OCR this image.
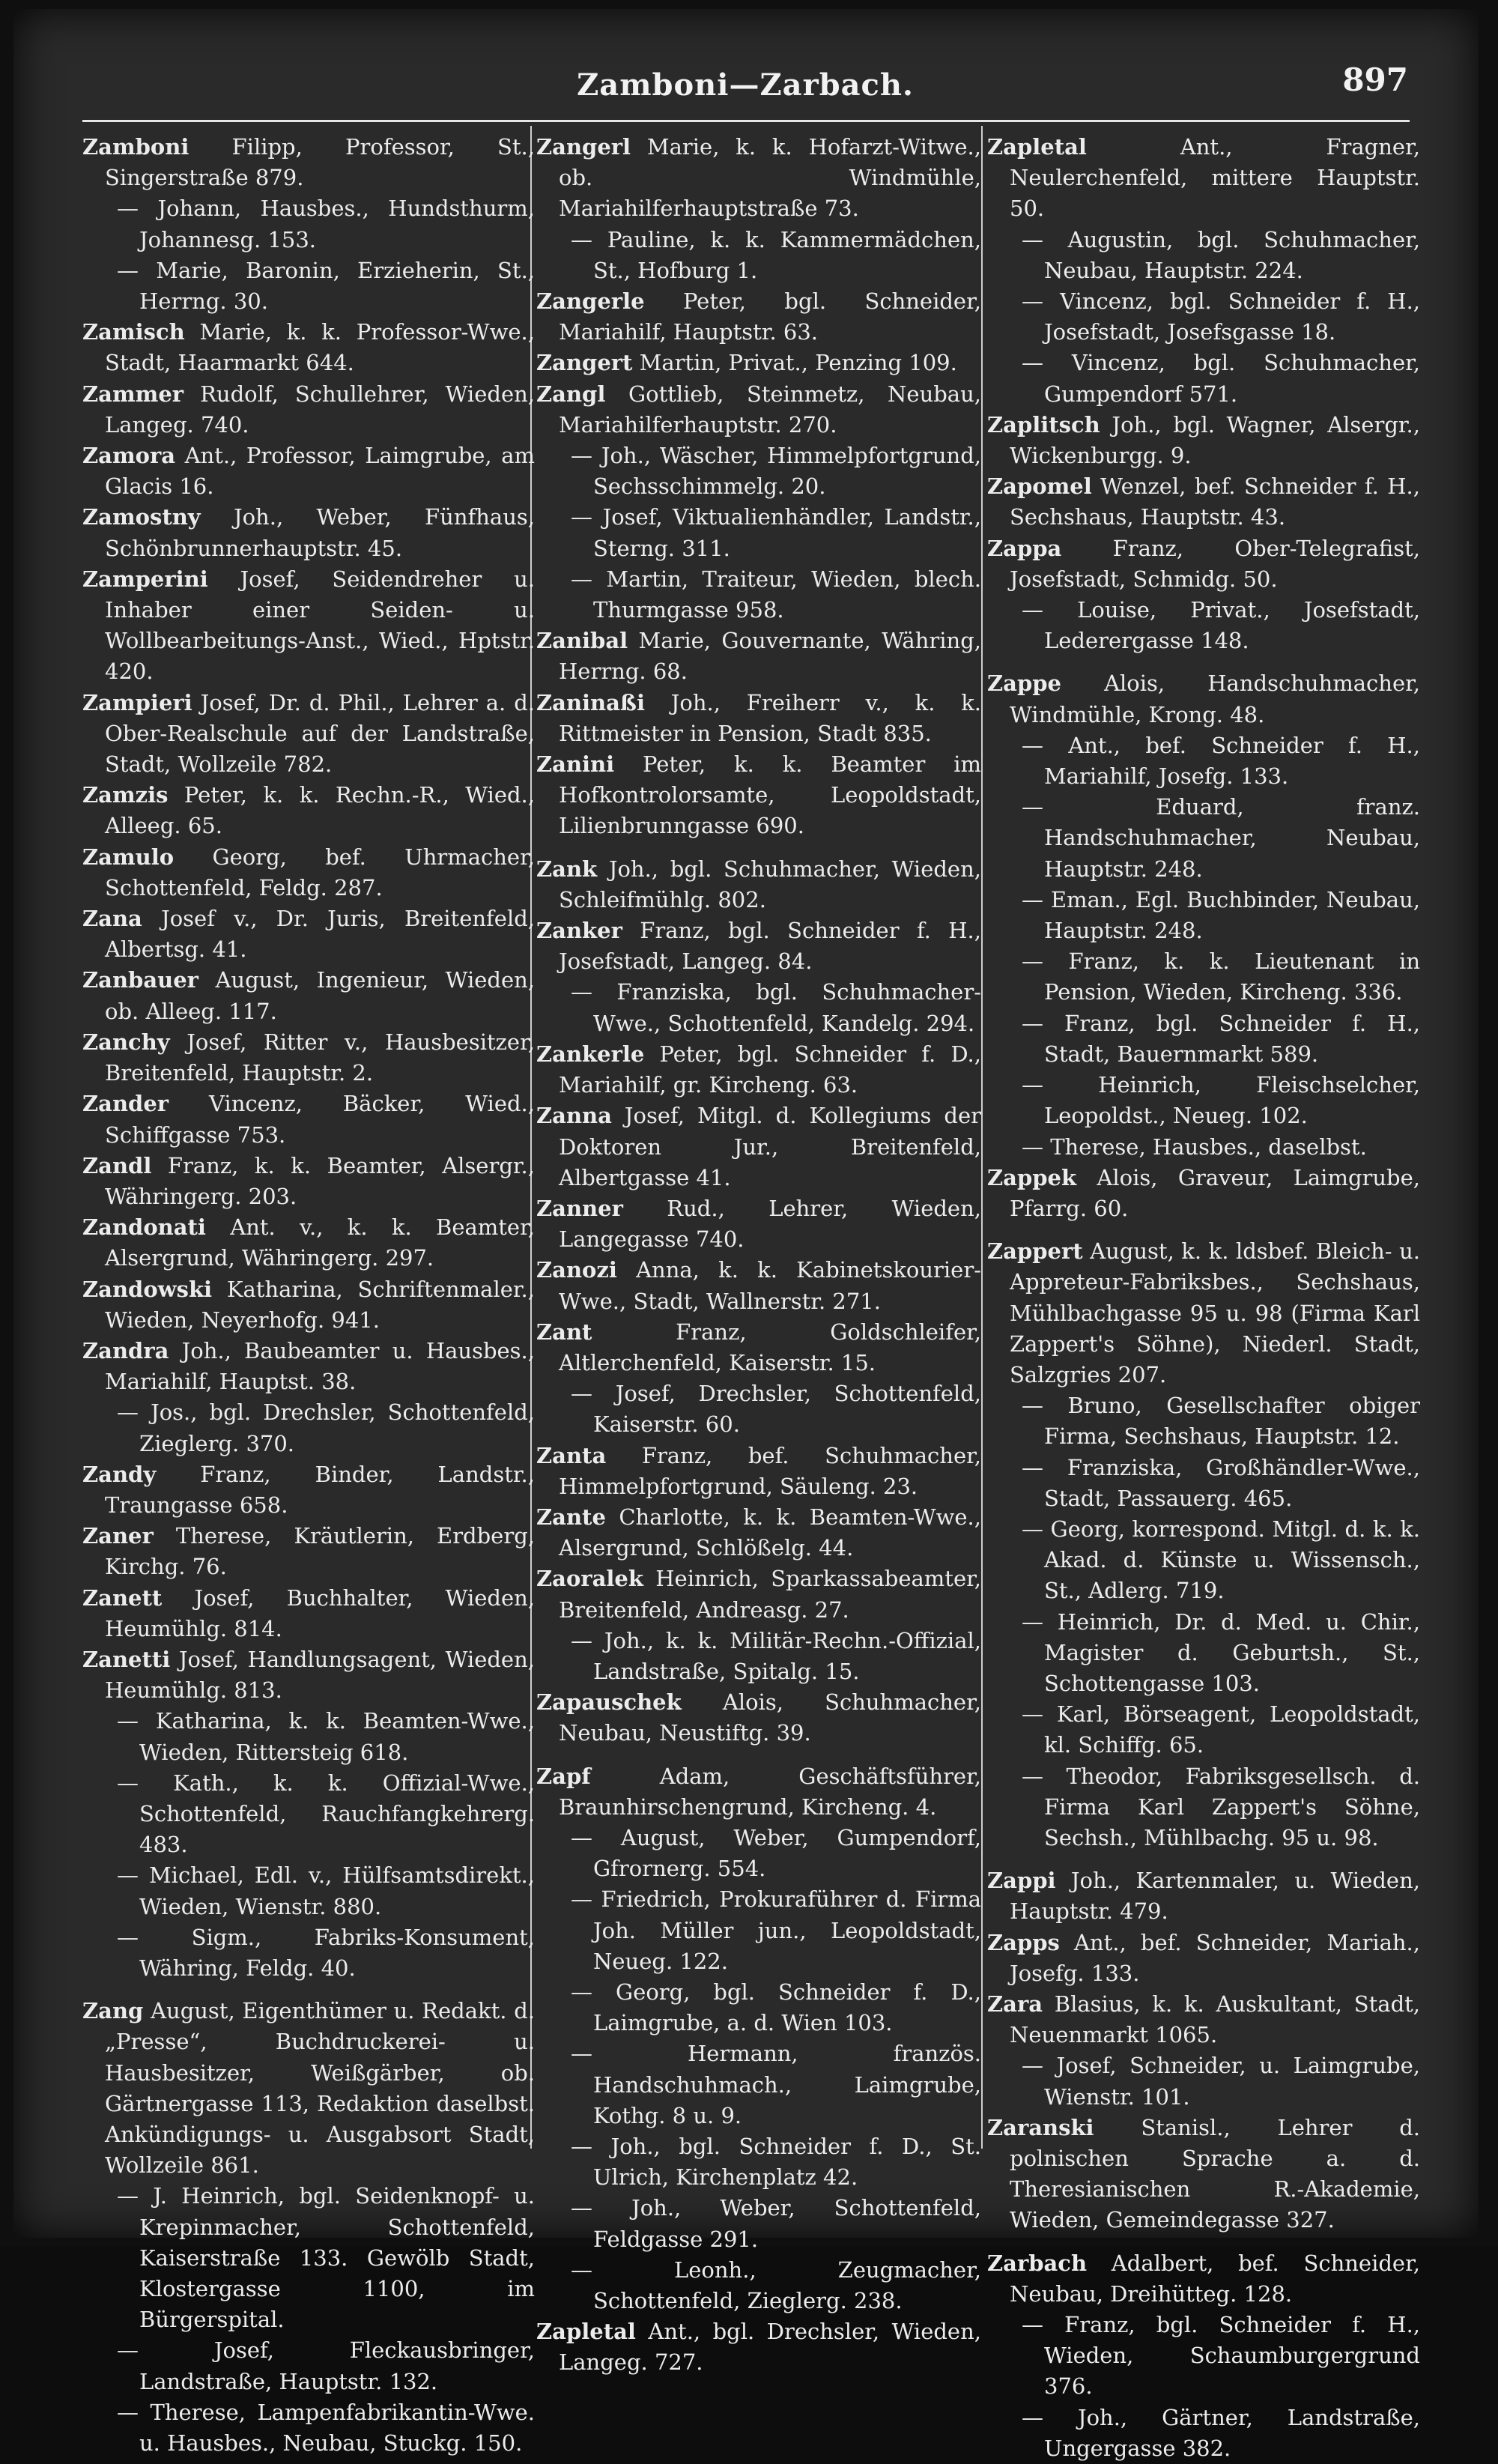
Zamboni—Zarbach.	897

Zamboni Filipp, Professor, St., Singerstraße 879.

— Johann, Hausbes., Hundsthurm, Johannesg. 153.

— Marie, Baronin, Erzieherin, St., Herrng. 30.

Zamisch Marie, k. k. Professor-Wwe., Stadt, Haarmarkt 644.

Zammer Rudolf, Schullehrer, Wieden, Langeg. 740.

Zamora Ant., Professor, Laimgrube, am Glacis 16.

Zamostny Joh., Weber, Fünfhaus, Schönbrunnerhauptstr. 45.

Zamperini Josef, Seidendreher u. Inhaber einer Seiden- u. Wollbearbeitungs-Anst., Wied., Hptstr. 420.

Zampieri Josef, Dr. d. Phil., Lehrer a. d. Ober-Realschule auf der Landstraße, Stadt, Wollzeile 782.

Zamzis Peter, k. k. Rechn.-R., Wied., Alleeg. 65.

Zamulo Georg, bef. Uhrmacher, Schottenfeld, Feldg. 287.

Zana Josef v., Dr. Juris, Breitenfeld, Albertsg. 41.

Zanbauer August, Ingenieur, Wieden, ob. Alleeg. 117.

Zanchy Josef, Ritter v., Hausbesitzer, Breitenfeld, Hauptstr. 2.

Zander Vincenz, Bäcker, Wied., Schiffgasse 753.

Zandl Franz, k. k. Beamter, Alsergr., Währingerg. 203.

Zandonati Ant. v., k. k. Beamter, Alsergrund, Währingerg. 297.

Zandowski Katharina, Schriftenmaler., Wieden, Neyerhofg. 941.

Zandra Joh., Baubeamter u. Hausbes., Mariahilf, Hauptst. 38.

— Jos., bgl. Drechsler, Schottenfeld, Zieglerg. 370.

Zandy Franz, Binder, Landstr., Traungasse 658.

Zaner Therese, Kräutlerin, Erdberg, Kirchg. 76.

Zanett Josef, Buchhalter, Wieden, Heumühlg. 814.

Zanetti Josef, Handlungsagent, Wieden, Heumühlg. 813.

— Katharina, k. k. Beamten-Wwe., Wieden, Rittersteig 618.

— Kath., k. k. Offizial-Wwe., Schottenfeld, Rauchfangkehrerg. 483.

— Michael, Edl. v., Hülfsamtsdirekt., Wieden, Wienstr. 880.

— Sigm., Fabriks-Konsument, Währing, Feldg. 40.

Zang August, Eigenthümer u. Redakt. d. „Presse“, Buchdruckerei- u. Hausbesitzer, Weißgärber, ob. Gärtnergasse 113, Redaktion daselbst. Ankündigungs- u. Ausgabsort Stadt, Wollzeile 861.

— J. Heinrich, bgl. Seidenknopf- u. Krepinmacher, Schottenfeld, Kaiserstraße 133. Gewölb Stadt, Klostergasse 1100, im Bürgerspital.

— Josef, Fleckausbringer, Landstraße, Hauptstr. 132.

— Therese, Lampenfabrikantin-Wwe. u. Hausbes., Neubau, Stuckg. 150.

Zangerl Marie, k. k. Hofarzt-Witwe., ob. Windmühle, Mariahilferhauptstraße 73.

— Pauline, k. k. Kammermädchen, St., Hofburg 1.

Zangerle Peter, bgl. Schneider, Mariahilf, Hauptstr. 63.

Zangert Martin, Privat., Penzing 109.

Zangl Gottlieb, Steinmetz, Neubau, Mariahilferhauptstr. 270.

— Joh., Wäscher, Himmelpfortgrund, Sechsschimmelg. 20.

— Josef, Viktualienhändler, Landstr., Sterng. 311.

— Martin, Traiteur, Wieden, blech. Thurmgasse 958.

Zanibal Marie, Gouvernante, Währing, Herrng. 68.

Zaninaßi Joh., Freiherr v., k. k. Rittmeister in Pension, Stadt 835.

Zanini Peter, k. k. Beamter im Hofkontrolorsamte, Leopoldstadt, Lilienbrunngasse 690.

Zank Joh., bgl. Schuhmacher, Wieden, Schleifmühlg. 802.

Zanker Franz, bgl. Schneider f. H., Josefstadt, Langeg. 84.

— Franziska, bgl. Schuhmacher-Wwe., Schottenfeld, Kandelg. 294.

Zankerle Peter, bgl. Schneider f. D., Mariahilf, gr. Kircheng. 63.

Zanna Josef, Mitgl. d. Kollegiums der Doktoren Jur., Breitenfeld, Albertgasse 41.

Zanner Rud., Lehrer, Wieden, Langegasse 740.

Zanozi Anna, k. k. Kabinetskourier-Wwe., Stadt, Wallnerstr. 271.

Zant Franz, Goldschleifer, Altlerchenfeld, Kaiserstr. 15.

— Josef, Drechsler, Schottenfeld, Kaiserstr. 60.

Zanta Franz, bef. Schuhmacher, Himmelpfortgrund, Säuleng. 23.

Zante Charlotte, k. k. Beamten-Wwe., Alsergrund, Schlößelg. 44.

Zaoralek Heinrich, Sparkassabeamter, Breitenfeld, Andreasg. 27.

— Joh., k. k. Militär-Rechn.-Offizial, Landstraße, Spitalg. 15.

Zapauschek Alois, Schuhmacher, Neubau, Neustiftg. 39.

Zapf Adam, Geschäftsführer, Braunhirschengrund, Kircheng. 4.

— August, Weber, Gumpendorf, Gfrornerg. 554.

— Friedrich, Prokuraführer d. Firma Joh. Müller jun., Leopoldstadt, Neueg. 122.

— Georg, bgl. Schneider f. D., Laimgrube, a. d. Wien 103.

— Hermann, französ. Handschuhmach., Laimgrube, Kothg. 8 u. 9.

— Joh., bgl. Schneider f. D., St. Ulrich, Kirchenplatz 42.

— Joh., Weber, Schottenfeld, Feldgasse 291.

— Leonh., Zeugmacher, Schottenfeld, Zieglerg. 238.

Zapletal Ant., bgl. Drechsler, Wieden, Langeg. 727.

Zapletal Ant., Fragner, Neulerchenfeld, mittere Hauptstr. 50.

— Augustin, bgl. Schuhmacher, Neubau, Hauptstr. 224.

— Vincenz, bgl. Schneider f. H., Josefstadt, Josefsgasse 18.

— Vincenz, bgl. Schuhmacher, Gumpendorf 571.

Zaplitsch Joh., bgl. Wagner, Alsergr., Wickenburgg. 9.

Zapomel Wenzel, bef. Schneider f. H., Sechshaus, Hauptstr. 43.

Zappa Franz, Ober-Telegrafist, Josefstadt, Schmidg. 50.

— Louise, Privat., Josefstadt, Lederergasse 148.

Zappe Alois, Handschuhmacher, Windmühle, Krong. 48.

— Ant., bef. Schneider f. H., Mariahilf, Josefg. 133.

— Eduard, franz. Handschuhmacher, Neubau, Hauptstr. 248.

— Eman., Egl. Buchbinder, Neubau, Hauptstr. 248.

— Franz, k. k. Lieutenant in Pension, Wieden, Kircheng. 336.

— Franz, bgl. Schneider f. H., Stadt, Bauernmarkt 589.

— Heinrich, Fleischselcher, Leopoldst., Neueg. 102.

— Therese, Hausbes., daselbst.

Zappek Alois, Graveur, Laimgrube, Pfarrg. 60.

Zappert August, k. k. ldsbef. Bleich- u. Appreteur-Fabriksbes., Sechshaus, Mühlbachgasse 95 u. 98 (Firma Karl Zappert's Söhne), Niederl. Stadt, Salzgries 207.

— Bruno, Gesellschafter obiger Firma, Sechshaus, Hauptstr. 12.

— Franziska, Großhändler-Wwe., Stadt, Passauerg. 465.

— Georg, korrespond. Mitgl. d. k. k. Akad. d. Künste u. Wissensch., St., Adlerg. 719.

— Heinrich, Dr. d. Med. u. Chir., Magister d. Geburtsh., St., Schottengasse 103.

— Karl, Börseagent, Leopoldstadt, kl. Schiffg. 65.

— Theodor, Fabriksgesellsch. d. Firma Karl Zappert's Söhne, Sechsh., Mühlbachg. 95 u. 98.

Zappi Joh., Kartenmaler, u. Wieden, Hauptstr. 479.

Zapps Ant., bef. Schneider, Mariah., Josefg. 133.

Zara Blasius, k. k. Auskultant, Stadt, Neuenmarkt 1065.

— Josef, Schneider, u. Laimgrube, Wienstr. 101.

Zaranski Stanisl., Lehrer d. polnischen Sprache a. d. Theresianischen R.-Akademie, Wieden, Gemeindegasse 327.

Zarbach Adalbert, bef. Schneider, Neubau, Dreihütteg. 128.

— Franz, bgl. Schneider f. H., Wieden, Schaumburgergrund 376.

— Joh., Gärtner, Landstraße, Ungergasse 382.
